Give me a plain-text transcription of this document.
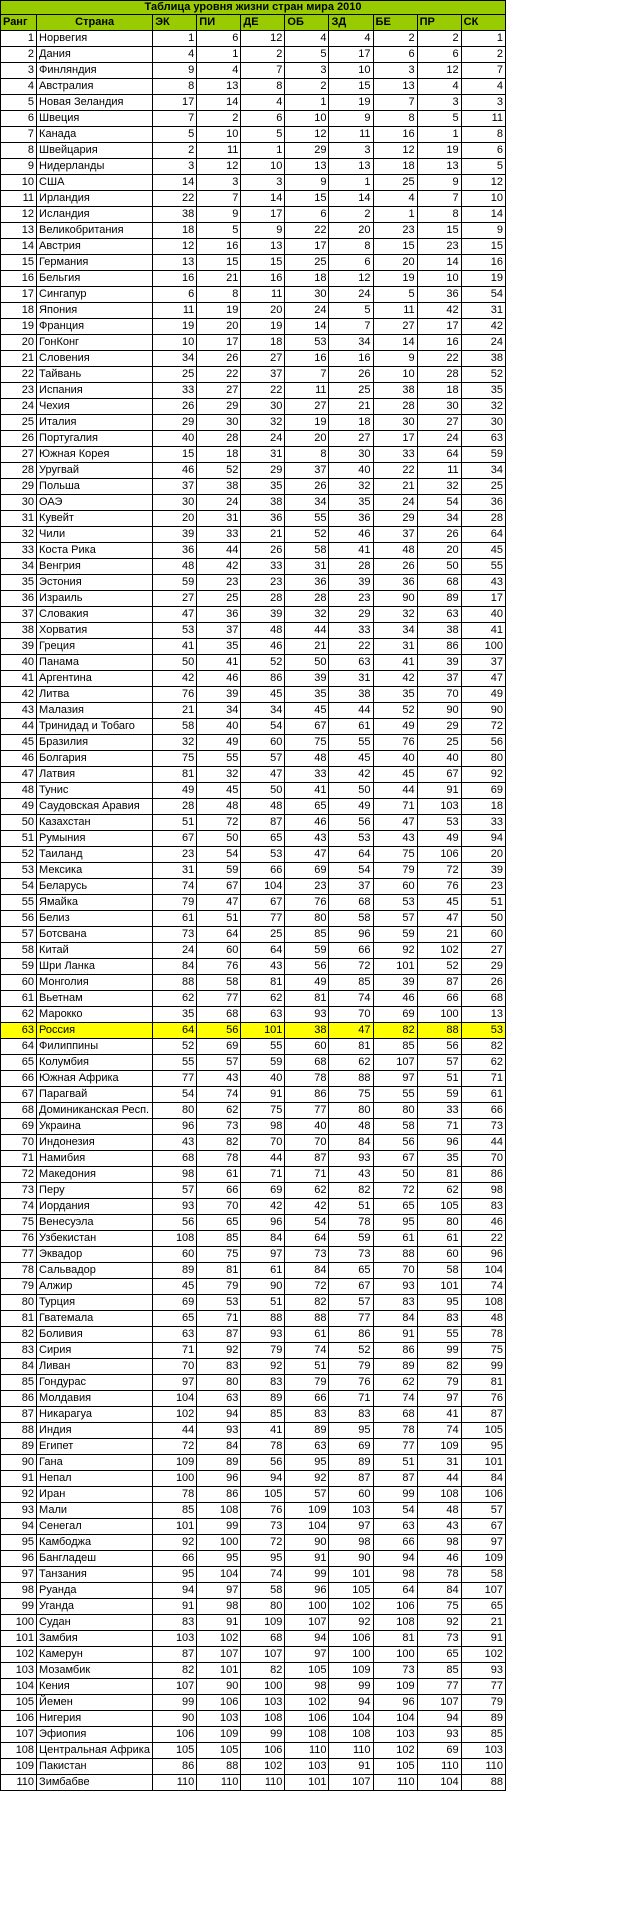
Таблица уровня жизни стран мира 2010									
Ранг	Страна	ЭК	ПИ	ДЕ	ОБ	ЗД	БЕ	ПР	СК
1	Норвегия	1	6	12	4	4	2	2	1
2	Дания	4	1	2	5	17	6	6	2
3	Финляндия	9	4	7	3	10	3	12	7
4	Австралия	8	13	8	2	15	13	4	4
5	Новая Зеландия	17	14	4	1	19	7	3	3
6	Швеция	7	2	6	10	9	8	5	11
7	Канада	5	10	5	12	11	16	1	8
8	Швейцария	2	11	1	29	3	12	19	6
9	Нидерланды	3	12	10	13	13	18	13	5
10	США	14	3	3	9	1	25	9	12
11	Ирландия	22	7	14	15	14	4	7	10
12	Исландия	38	9	17	6	2	1	8	14
13	Великобритания	18	5	9	22	20	23	15	9
14	Австрия	12	16	13	17	8	15	23	15
15	Германия	13	15	15	25	6	20	14	16
16	Бельгия	16	21	16	18	12	19	10	19
17	Сингапур	6	8	11	30	24	5	36	54
18	Япония	11	19	20	24	5	11	42	31
19	Франция	19	20	19	14	7	27	17	42
20	ГонКонг	10	17	18	53	34	14	16	24
21	Словения	34	26	27	16	16	9	22	38
22	Тайвань	25	22	37	7	26	10	28	52
23	Испания	33	27	22	11	25	38	18	35
24	Чехия	26	29	30	27	21	28	30	32
25	Италия	29	30	32	19	18	30	27	30
26	Португалия	40	28	24	20	27	17	24	63
27	Южная Корея	15	18	31	8	30	33	64	59
28	Уругвай	46	52	29	37	40	22	11	34
29	Польша	37	38	35	26	32	21	32	25
30	ОАЭ	30	24	38	34	35	24	54	36
31	Кувейт	20	31	36	55	36	29	34	28
32	Чили	39	33	21	52	46	37	26	64
33	Коста Рика	36	44	26	58	41	48	20	45
34	Венгрия	48	42	33	31	28	26	50	55
35	Эстония	59	23	23	36	39	36	68	43
36	Израиль	27	25	28	28	23	90	89	17
37	Словакия	47	36	39	32	29	32	63	40
38	Хорватия	53	37	48	44	33	34	38	41
39	Греция	41	35	46	21	22	31	86	100
40	Панама	50	41	52	50	63	41	39	37
41	Аргентина	42	46	86	39	31	42	37	47
42	Литва	76	39	45	35	38	35	70	49
43	Малазия	21	34	34	45	44	52	90	90
44	Тринидад и Тобаго	58	40	54	67	61	49	29	72
45	Бразилия	32	49	60	75	55	76	25	56
46	Болгария	75	55	57	48	45	40	40	80
47	Латвия	81	32	47	33	42	45	67	92
48	Тунис	49	45	50	41	50	44	91	69
49	Саудовская Аравия	28	48	48	65	49	71	103	18
50	Казахстан	51	72	87	46	56	47	53	33
51	Румыния	67	50	65	43	53	43	49	94
52	Таиланд	23	54	53	47	64	75	106	20
53	Мексика	31	59	66	69	54	79	72	39
54	Беларусь	74	67	104	23	37	60	76	23
55	Ямайка	79	47	67	76	68	53	45	51
56	Белиз	61	51	77	80	58	57	47	50
57	Ботсвана	73	64	25	85	96	59	21	60
58	Китай	24	60	64	59	66	92	102	27
59	Шри Ланка	84	76	43	56	72	101	52	29
60	Монголия	88	58	81	49	85	39	87	26
61	Вьетнам	62	77	62	81	74	46	66	68
62	Марокко	35	68	63	93	70	69	100	13
63	Россия	64	56	101	38	47	82	88	53
64	Филиппины	52	69	55	60	81	85	56	82
65	Колумбия	55	57	59	68	62	107	57	62
66	Южная Африка	77	43	40	78	88	97	51	71
67	Парагвай	54	74	91	86	75	55	59	61
68	Доминиканская Респ.	80	62	75	77	80	80	33	66
69	Украина	96	73	98	40	48	58	71	73
70	Индонезия	43	82	70	70	84	56	96	44
71	Намибия	68	78	44	87	93	67	35	70
72	Македония	98	61	71	71	43	50	81	86
73	Перу	57	66	69	62	82	72	62	98
74	Иордания	93	70	42	42	51	65	105	83
75	Венесуэла	56	65	96	54	78	95	80	46
76	Узбекистан	108	85	84	64	59	61	61	22
77	Эквадор	60	75	97	73	73	88	60	96
78	Сальвадор	89	81	61	84	65	70	58	104
79	Алжир	45	79	90	72	67	93	101	74
80	Турция	69	53	51	82	57	83	95	108
81	Гватемала	65	71	88	88	77	84	83	48
82	Боливия	63	87	93	61	86	91	55	78
83	Сирия	71	92	79	74	52	86	99	75
84	Ливан	70	83	92	51	79	89	82	99
85	Гондурас	97	80	83	79	76	62	79	81
86	Молдавия	104	63	89	66	71	74	97	76
87	Никарагуа	102	94	85	83	83	68	41	87
88	Индия	44	93	41	89	95	78	74	105
89	Египет	72	84	78	63	69	77	109	95
90	Гана	109	89	56	95	89	51	31	101
91	Непал	100	96	94	92	87	87	44	84
92	Иран	78	86	105	57	60	99	108	106
93	Мали	85	108	76	109	103	54	48	57
94	Сенегал	101	99	73	104	97	63	43	67
95	Камбоджа	92	100	72	90	98	66	98	97
96	Бангладеш	66	95	95	91	90	94	46	109
97	Танзания	95	104	74	99	101	98	78	58
98	Руанда	94	97	58	96	105	64	84	107
99	Уганда	91	98	80	100	102	106	75	65
100	Судан	83	91	109	107	92	108	92	21
101	Замбия	103	102	68	94	106	81	73	91
102	Камерун	87	107	107	97	100	100	65	102
103	Мозамбик	82	101	82	105	109	73	85	93
104	Кения	107	90	100	98	99	109	77	77
105	Йемен	99	106	103	102	94	96	107	79
106	Нигерия	90	103	108	106	104	104	94	89
107	Эфиопия	106	109	99	108	108	103	93	85
108	Центральная Африка	105	105	106	110	110	102	69	103
109	Пакистан	86	88	102	103	91	105	110	110
110	Зимбабве	110	110	110	101	107	110	104	88
